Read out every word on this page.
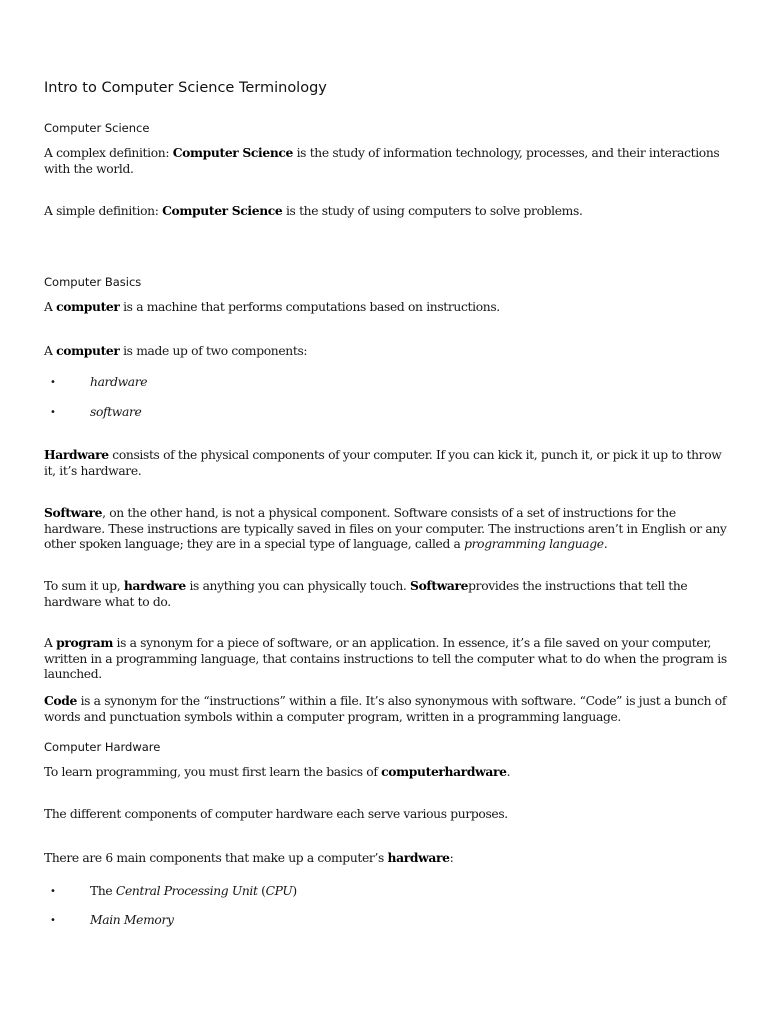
Intro to Computer Science Terminology
Computer Science

A complex definition: Computer Science is the study of information technology, processes, and their interactions with the world.

A simple definition: Computer Science is the study of using computers to solve problems.

Computer Basics

A computer is a machine that performs computations based on instructions.

A computer is made up of two components:

•	hardware
•	software

Hardware consists of the physical components of your computer. If you can kick it, punch it, or pick it up to throw it, it’s hardware.

Software, on the other hand, is not a physical component. Software consists of a set of instructions for the hardware. These instructions are typically saved in files on your computer. The instructions aren’t in English or any other spoken language; they are in a special type of language, called a programming language.

To sum it up, hardware is anything you can physically touch. Softwareprovides the instructions that tell the hardware what to do.

A program is a synonym for a piece of software, or an application. In essence, it’s a file saved on your computer, written in a programming language, that contains instructions to tell the computer what to do when the program is launched.

Code is a synonym for the “instructions” within a file. It’s also synonymous with software. “Code” is just a bunch of words and punctuation symbols within a computer program, written in a programming language.

Computer Hardware

To learn programming, you must first learn the basics of computerhardware.

The different components of computer hardware each serve various purposes.

There are 6 main components that make up a computer’s hardware:

•	The Central Processing Unit (CPU)
•	Main Memory
